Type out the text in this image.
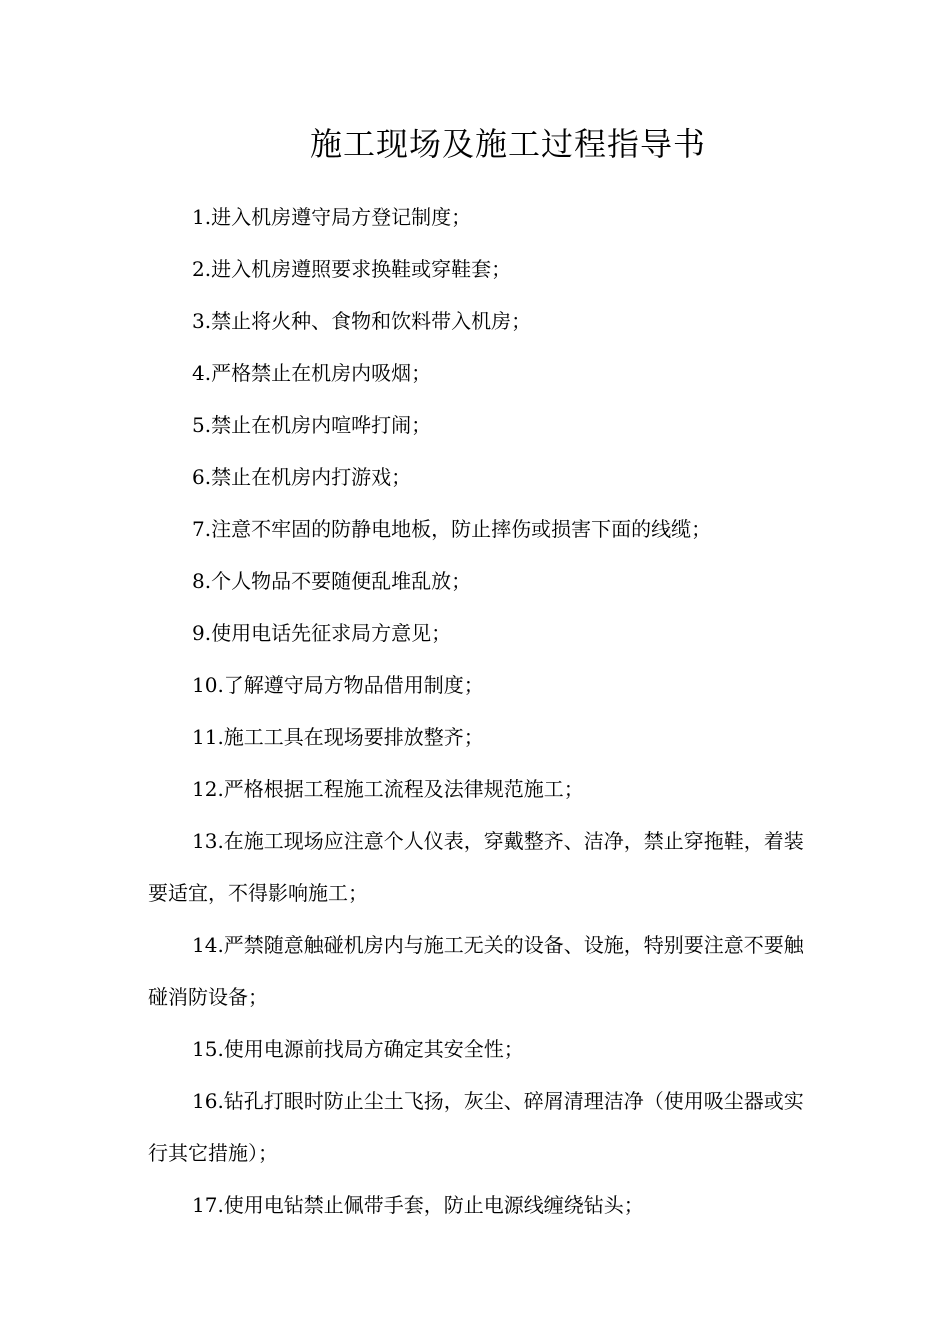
施工现场及施工过程指导书
1.进入机房遵守局方登记制度；
2.进入机房遵照要求换鞋或穿鞋套；
3.禁止将火种、食物和饮料带入机房；
4.严格禁止在机房内吸烟；
5.禁止在机房内喧哗打闹；
6.禁止在机房内打游戏；
7.注意不牢固的防静电地板，防止摔伤或损害下面的线缆；
8.个人物品不要随便乱堆乱放；
9.使用电话先征求局方意见；
10.了解遵守局方物品借用制度；
11.施工工具在现场要排放整齐；
12.严格根据工程施工流程及法律规范施工；
13.在施工现场应注意个人仪表，穿戴整齐、洁净，禁止穿拖鞋，着装要适宜，不得影响施工；
14.严禁随意触碰机房内与施工无关的设备、设施，特别要注意不要触碰消防设备；
15.使用电源前找局方确定其安全性；
16.钻孔打眼时防止尘土飞扬，灰尘、碎屑清理洁净（使用吸尘器或实行其它措施）；
17.使用电钻禁止佩带手套，防止电源线缠绕钻头；
